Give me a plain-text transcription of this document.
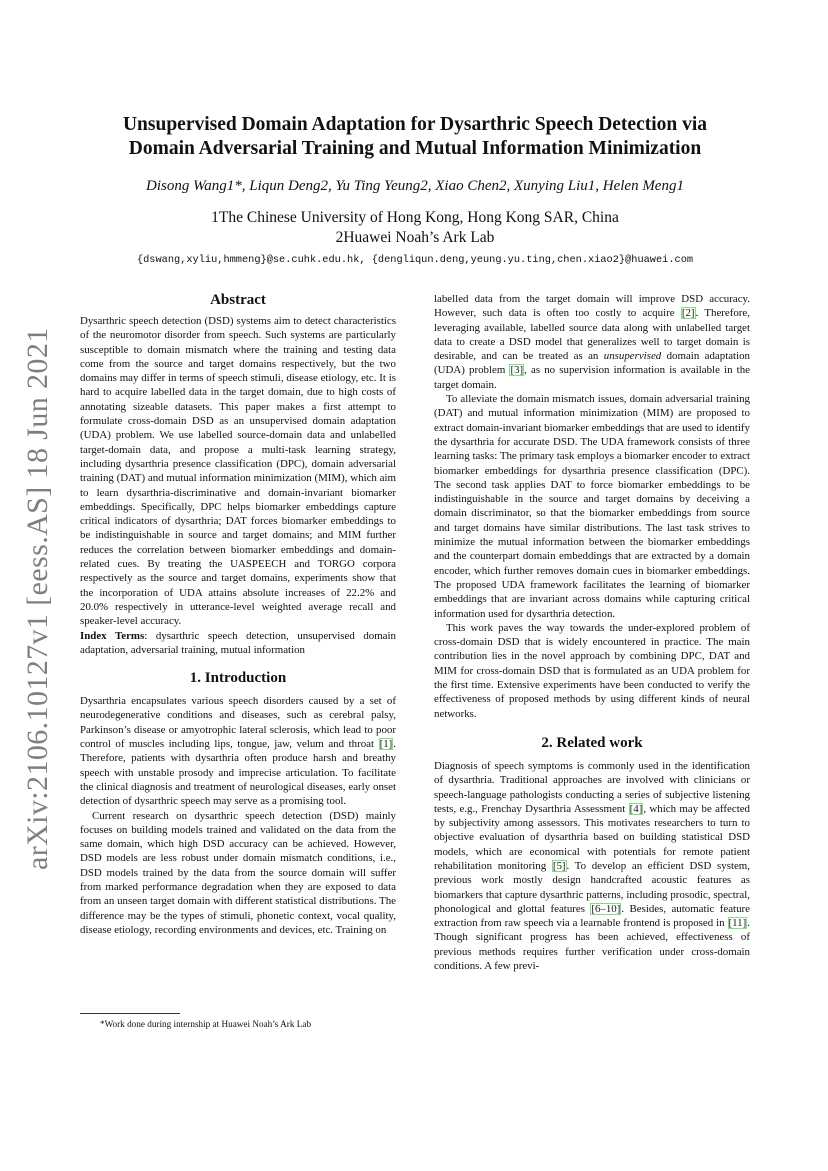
arXiv:2106.10127v1 [eess.AS] 18 Jun 2021
Unsupervised Domain Adaptation for Dysarthric Speech Detection via
Domain Adversarial Training and Mutual Information Minimization
Disong Wang1*, Liqun Deng2, Yu Ting Yeung2, Xiao Chen2, Xunying Liu1, Helen Meng1
1The Chinese University of Hong Kong, Hong Kong SAR, China
2Huawei Noah’s Ark Lab
{dswang,xyliu,hmmeng}@se.cuhk.edu.hk, {dengliqun.deng,yeung.yu.ting,chen.xiao2}@huawei.com
Abstract

Dysarthric speech detection (DSD) systems aim to detect characteristics of the neuromotor disorder from speech. Such systems are particularly susceptible to domain mismatch where the training and testing data come from the source and target domains respectively, but the two domains may differ in terms of speech stimuli, disease etiology, etc. It is hard to acquire labelled data in the target domain, due to high costs of annotating sizeable datasets. This paper makes a first attempt to formulate cross-domain DSD as an unsupervised domain adaptation (UDA) problem. We use labelled source-domain data and unlabelled target-domain data, and propose a multi-task learning strategy, including dysarthria presence classification (DPC), domain adversarial training (DAT) and mutual information minimization (MIM), which aim to learn dysarthria-discriminative and domain-invariant biomarker embeddings. Specifically, DPC helps biomarker embeddings capture critical indicators of dysarthria; DAT forces biomarker embeddings to be indistinguishable in source and target domains; and MIM further reduces the correlation between biomarker embeddings and domain-related cues. By treating the UASPEECH and TORGO corpora respectively as the source and target domains, experiments show that the incorporation of UDA attains absolute increases of 22.2% and 20.0% respectively in utterance-level weighted average recall and speaker-level accuracy.

Index Terms: dysarthric speech detection, unsupervised domain adaptation, adversarial training, mutual information

1. Introduction

Dysarthria encapsulates various speech disorders caused by a set of neurodegenerative conditions and diseases, such as cerebral palsy, Parkinson’s disease or amyotrophic lateral sclerosis, which lead to poor control of muscles including lips, tongue, jaw, velum and throat [1]. Therefore, patients with dysarthria often produce harsh and breathy speech with unstable prosody and imprecise articulation. To facilitate the clinical diagnosis and treatment of neurological diseases, early onset detection of dysarthric speech may serve as a promising tool.

Current research on dysarthric speech detection (DSD) mainly focuses on building models trained and validated on the data from the same domain, which high DSD accuracy can be achieved. However, DSD models are less robust under domain mismatch conditions, i.e., DSD models trained by the data from the source domain will suffer from marked performance degradation when they are exposed to data from an unseen target domain with different statistical distributions. The difference may be the types of stimuli, phonetic context, vocal quality, disease etiology, recording environments and devices, etc. Training on

*Work done during internship at Huawei Noah’s Ark Lab

labelled data from the target domain will improve DSD accuracy. However, such data is often too costly to acquire [2]. Therefore, leveraging available, labelled source data along with unlabelled target data to create a DSD model that generalizes well to target domain is desirable, and can be treated as an unsupervised domain adaptation (UDA) problem [3], as no supervision information is available in the target domain.

To alleviate the domain mismatch issues, domain adversarial training (DAT) and mutual information minimization (MIM) are proposed to extract domain-invariant biomarker embeddings that are used to identify the dysarthria for accurate DSD. The UDA framework consists of three learning tasks: The primary task employs a biomarker encoder to extract biomarker embeddings for dysarthria presence classification (DPC). The second task applies DAT to force biomarker embeddings to be indistinguishable in the source and target domains by deceiving a domain discriminator, so that the biomarker embeddings from source and target domains have similar distributions. The last task strives to minimize the mutual information between the biomarker embeddings and the counterpart domain embeddings that are extracted by a domain encoder, which further removes domain cues in biomarker embeddings. The proposed UDA framework facilitates the learning of biomarker embeddings that are invariant across domains while capturing critical information used for dysarthria detection.

This work paves the way towards the under-explored problem of cross-domain DSD that is widely encountered in practice. The main contribution lies in the novel approach by combining DPC, DAT and MIM for cross-domain DSD that is formulated as an UDA problem for the first time. Extensive experiments have been conducted to verify the effectiveness of proposed methods by using different kinds of neural networks.

2. Related work

Diagnosis of speech symptoms is commonly used in the identification of dysarthria. Traditional approaches are involved with clinicians or speech-language pathologists conducting a series of subjective listening tests, e.g., Frenchay Dysarthria Assessment [4], which may be affected by subjectivity among assessors. This motivates researchers to turn to objective evaluation of dysarthria based on building statistical DSD models, which are economical with potentials for remote patient rehabilitation monitoring [5]. To develop an efficient DSD system, previous work mostly design handcrafted acoustic features as biomarkers that capture dysarthric patterns, including prosodic, spectral, phonological and glottal features [6–10]. Besides, automatic feature extraction from raw speech via a learnable frontend is proposed in [11]. Though significant progress has been achieved, effectiveness of previous methods requires further verification under cross-domain conditions. A few previ-
